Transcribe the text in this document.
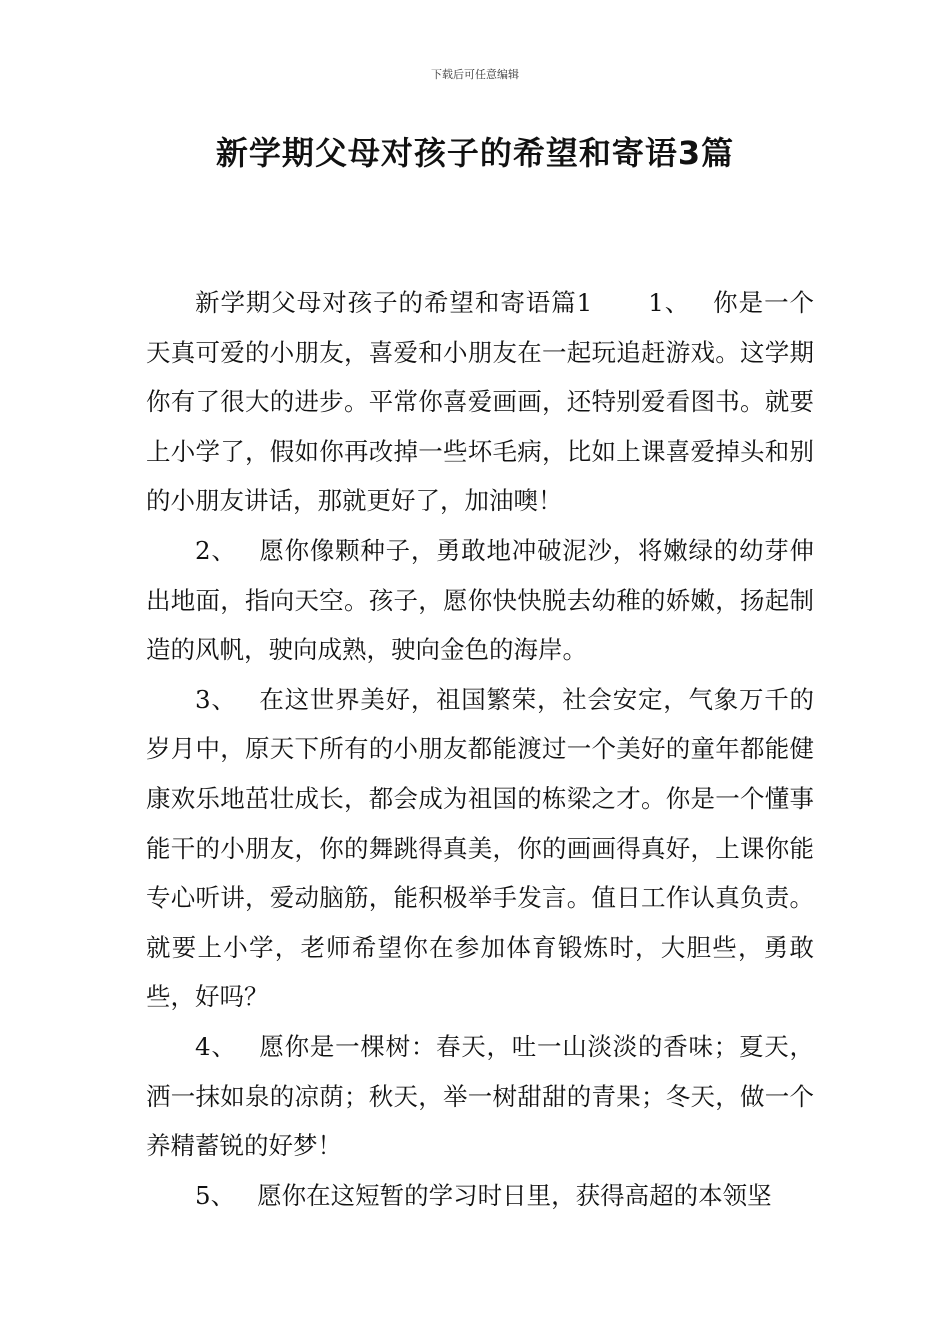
下载后可任意编辑
新学期父母对孩子的希望和寄语3篇

新学期父母对孩子的希望和寄语篇1 1、 你是一个天真可爱的小朋友，喜爱和小朋友在一起玩追赶游戏。这学期你有了很大的进步。平常你喜爱画画，还特别爱看图书。就要上小学了，假如你再改掉一些坏毛病，比如上课喜爱掉头和别的小朋友讲话，那就更好了，加油噢！

2、 愿你像颗种子，勇敢地冲破泥沙，将嫩绿的幼芽伸出地面，指向天空。孩子，愿你快快脱去幼稚的娇嫩，扬起制造的风帆，驶向成熟，驶向金色的海岸。

3、 在这世界美好，祖国繁荣，社会安定，气象万千的岁月中，原天下所有的小朋友都能渡过一个美好的童年都能健康欢乐地茁壮成长，都会成为祖国的栋梁之才。你是一个懂事能干的小朋友，你的舞跳得真美，你的画画得真好，上课你能专心听讲，爱动脑筋，能积极举手发言。值日工作认真负责。就要上小学，老师希望你在参加体育锻炼时，大胆些，勇敢些，好吗？

4、 愿你是一棵树：春天，吐一山淡淡的香味；夏天，洒一抹如泉的凉荫；秋天，举一树甜甜的青果；冬天，做一个养精蓄锐的好梦！

5、 愿你在这短暂的学习时日里，获得高超的本领坚
